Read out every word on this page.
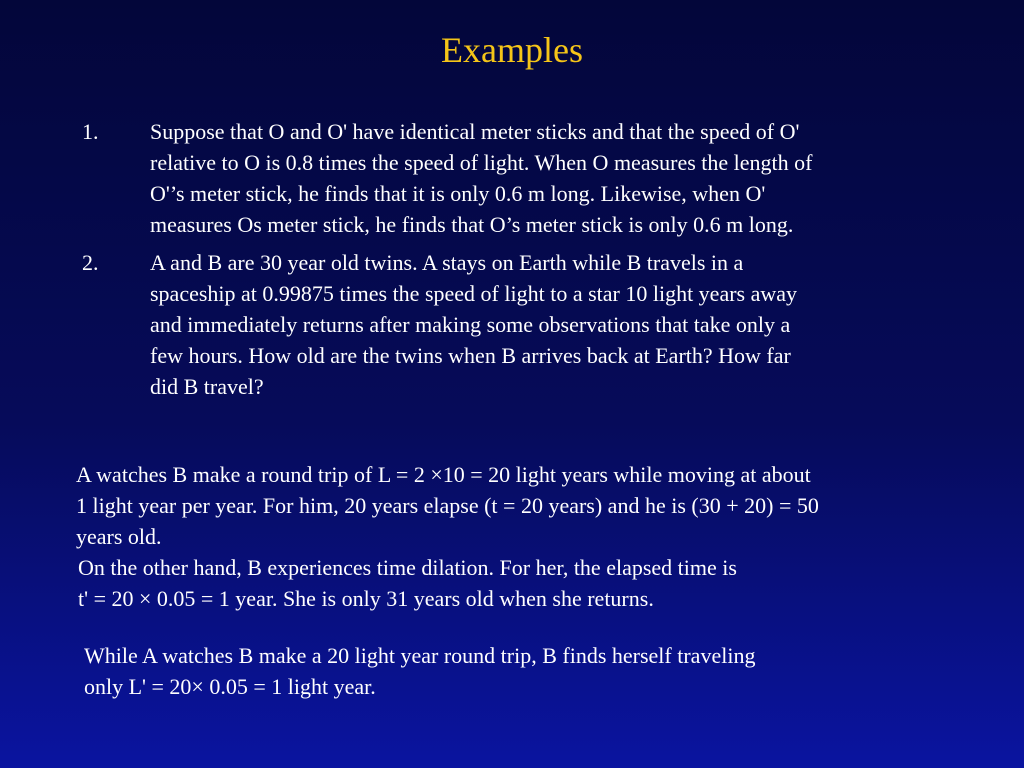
Examples
1.	Suppose that O and O' have identical meter sticks and that the speed of O'
relative to O is 0.8 times the speed of light. When O measures the length of
O'’s meter stick, he finds that it is only 0.6 m long. Likewise, when O'
measures Os meter stick, he finds that O’s meter stick is only 0.6 m long.
2.	A and B are 30 year old twins. A stays on Earth while B travels in a
spaceship at 0.99875 times the speed of light to a star 10 light years away
and immediately returns after making some observations that take only a
few hours. How old are the twins when B arrives back at Earth? How far
did B travel?
A watches B make a round trip of L = 2 ×10 = 20 light years while moving at about
1 light year per year. For him, 20 years elapse (t = 20 years) and he is (30 + 20) = 50
years old.
On the other hand, B experiences time dilation. For her, the elapsed time is
t' = 20 × 0.05 = 1 year. She is only 31 years old when she returns.
While A watches B make a 20 light year round trip, B finds herself traveling
only L' = 20× 0.05 = 1 light year.
